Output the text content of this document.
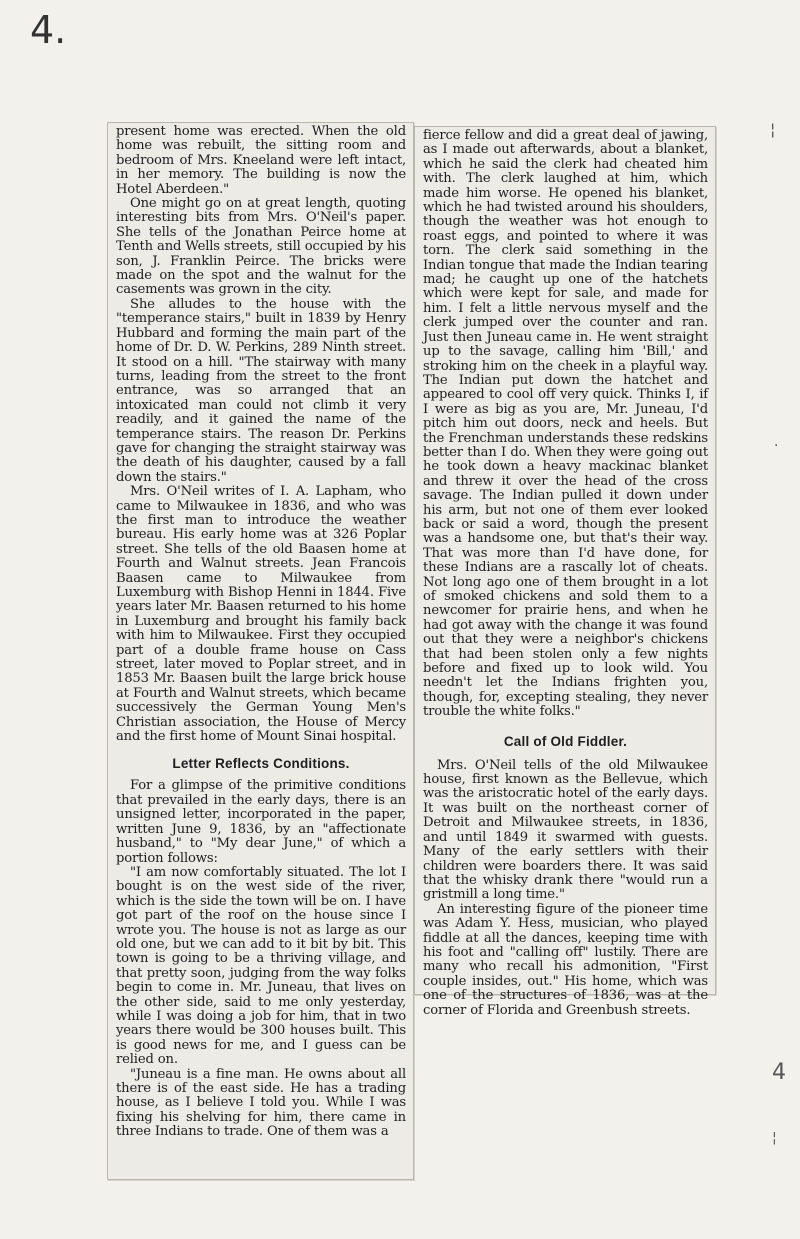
4.

present home was erected. When the old home was rebuilt, the sitting room and bedroom of Mrs. Kneeland were left intact, in her memory. The building is now the Hotel Aberdeen."

One might go on at great length, quoting interesting bits from Mrs. O'Neil's paper. She tells of the Jonathan Peirce home at Tenth and Wells streets, still occupied by his son, J. Franklin Peirce. The bricks were made on the spot and the walnut for the casements was grown in the city.

She alludes to the house with the "temperance stairs," built in 1839 by Henry Hubbard and forming the main part of the home of Dr. D. W. Perkins, 289 Ninth street. It stood on a hill. "The stairway with many turns, leading from the street to the front entrance, was so arranged that an intoxicated man could not climb it very readily, and it gained the name of the temperance stairs. The reason Dr. Perkins gave for changing the straight stairway was the death of his daughter, caused by a fall down the stairs."

Mrs. O'Neil writes of I. A. Lapham, who came to Milwaukee in 1836, and who was the first man to introduce the weather bureau. His early home was at 326 Poplar street. She tells of the old Baasen home at Fourth and Walnut streets. Jean Francois Baasen came to Milwaukee from Luxemburg with Bishop Henni in 1844. Five years later Mr. Baasen returned to his home in Luxemburg and brought his family back with him to Milwaukee. First they occupied part of a double frame house on Cass street, later moved to Poplar street, and in 1853 Mr. Baasen built the large brick house at Fourth and Walnut streets, which became successively the German Young Men's Christian association, the House of Mercy and the first home of Mount Sinai hospital.

Letter Reflects Conditions.

For a glimpse of the primitive conditions that prevailed in the early days, there is an unsigned letter, incorporated in the paper, written June 9, 1836, by an "affectionate husband," to "My dear June," of which a portion follows:

"I am now comfortably situated. The lot I bought is on the west side of the river, which is the side the town will be on. I have got part of the roof on the house since I wrote you. The house is not as large as our old one, but we can add to it bit by bit. This town is going to be a thriving village, and that pretty soon, judging from the way folks begin to come in. Mr. Juneau, that lives on the other side, said to me only yesterday, while I was doing a job for him, that in two years there would be 300 houses built. This is good news for me, and I guess can be relied on.

"Juneau is a fine man. He owns about all there is of the east side. He has a trading house, as I believe I told you. While I was fixing his shelving for him, there came in three Indians to trade. One of them was a

fierce fellow and did a great deal of jawing, as I made out afterwards, about a blanket, which he said the clerk had cheated him with. The clerk laughed at him, which made him worse. He opened his blanket, which he had twisted around his shoulders, though the weather was hot enough to roast eggs, and pointed to where it was torn. The clerk said something in the Indian tongue that made the Indian tearing mad; he caught up one of the hatchets which were kept for sale, and made for him. I felt a little nervous myself and the clerk jumped over the counter and ran. Just then Juneau came in. He went straight up to the savage, calling him 'Bill,' and stroking him on the cheek in a playful way. The Indian put down the hatchet and appeared to cool off very quick. Thinks I, if I were as big as you are, Mr. Juneau, I'd pitch him out doors, neck and heels. But the Frenchman understands these redskins better than I do. When they were going out he took down a heavy mackinac blanket and threw it over the head of the cross savage. The Indian pulled it down under his arm, but not one of them ever looked back or said a word, though the present was a handsome one, but that's their way. That was more than I'd have done, for these Indians are a rascally lot of cheats. Not long ago one of them brought in a lot of smoked chickens and sold them to a newcomer for prairie hens, and when he had got away with the change it was found out that they were a neighbor's chickens that had been stolen only a few nights before and fixed up to look wild. You needn't let the Indians frighten you, though, for, excepting stealing, they never trouble the white folks."

Call of Old Fiddler.

Mrs. O'Neil tells of the old Milwaukee house, first known as the Bellevue, which was the aristocratic hotel of the early days. It was built on the northeast corner of Detroit and Milwaukee streets, in 1836, and until 1849 it swarmed with guests. Many of the early settlers with their children were boarders there. It was said that the whisky drank there "would run a gristmill a long time."

An interesting figure of the pioneer time was Adam Y. Hess, musician, who played fiddle at all the dances, keeping time with his foot and "calling off" lustily. There are many who recall his admonition, "First couple insides, out." His home, which was one of the structures of 1836, was at the corner of Florida and Greenbush streets.

¦
·
4
¦
